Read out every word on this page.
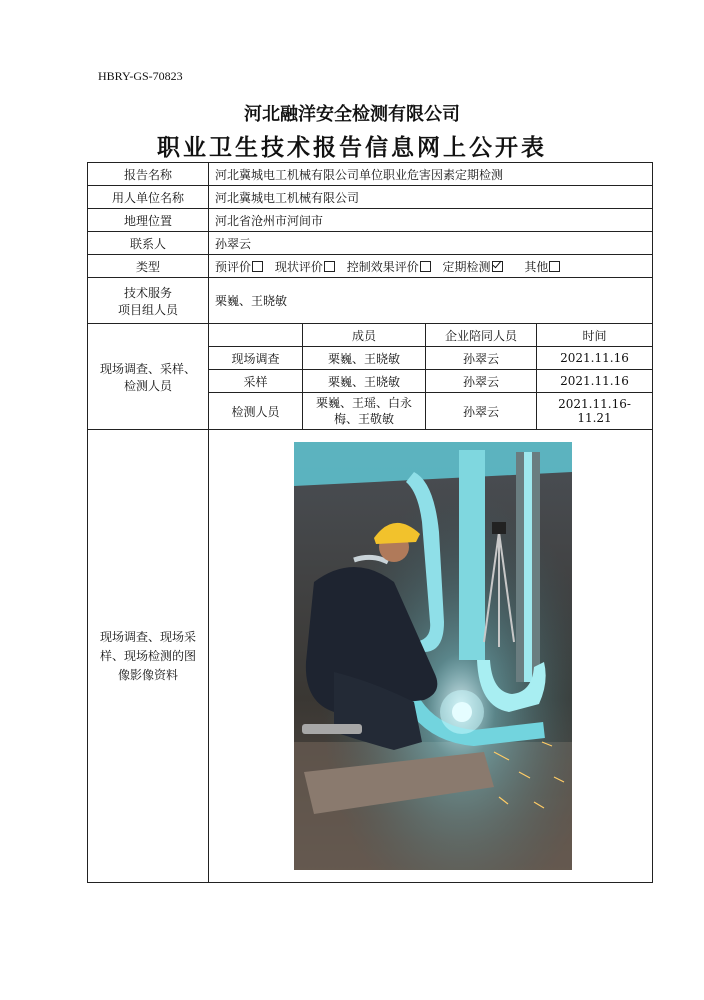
HBRY-GS-70823
河北融洋安全检测有限公司
职业卫生技术报告信息网上公开表
报告名称	河北冀城电工机械有限公司单位职业危害因素定期检测			
用人单位名称	河北冀城电工机械有限公司			
地理位置	河北省沧州市河间市			
联系人	孙翠云			
类型	预评价 现状评价 控制效果评价 定期检测 其他			

技术服务
项目组人员	栗巍、王晓敏			

现场调查、采样、
检测人员		成员	企业陪同人员	时间
	现场调查	栗巍、王晓敏	孙翠云	2021.11.16
	采样	栗巍、王晓敏	孙翠云	2021.11.16
	检测人员	栗巍、王瑶、白永梅、王敬敏	孙翠云	2021.11.16-11.21

现场调查、现场采
样、现场检测的图
像影像资料
